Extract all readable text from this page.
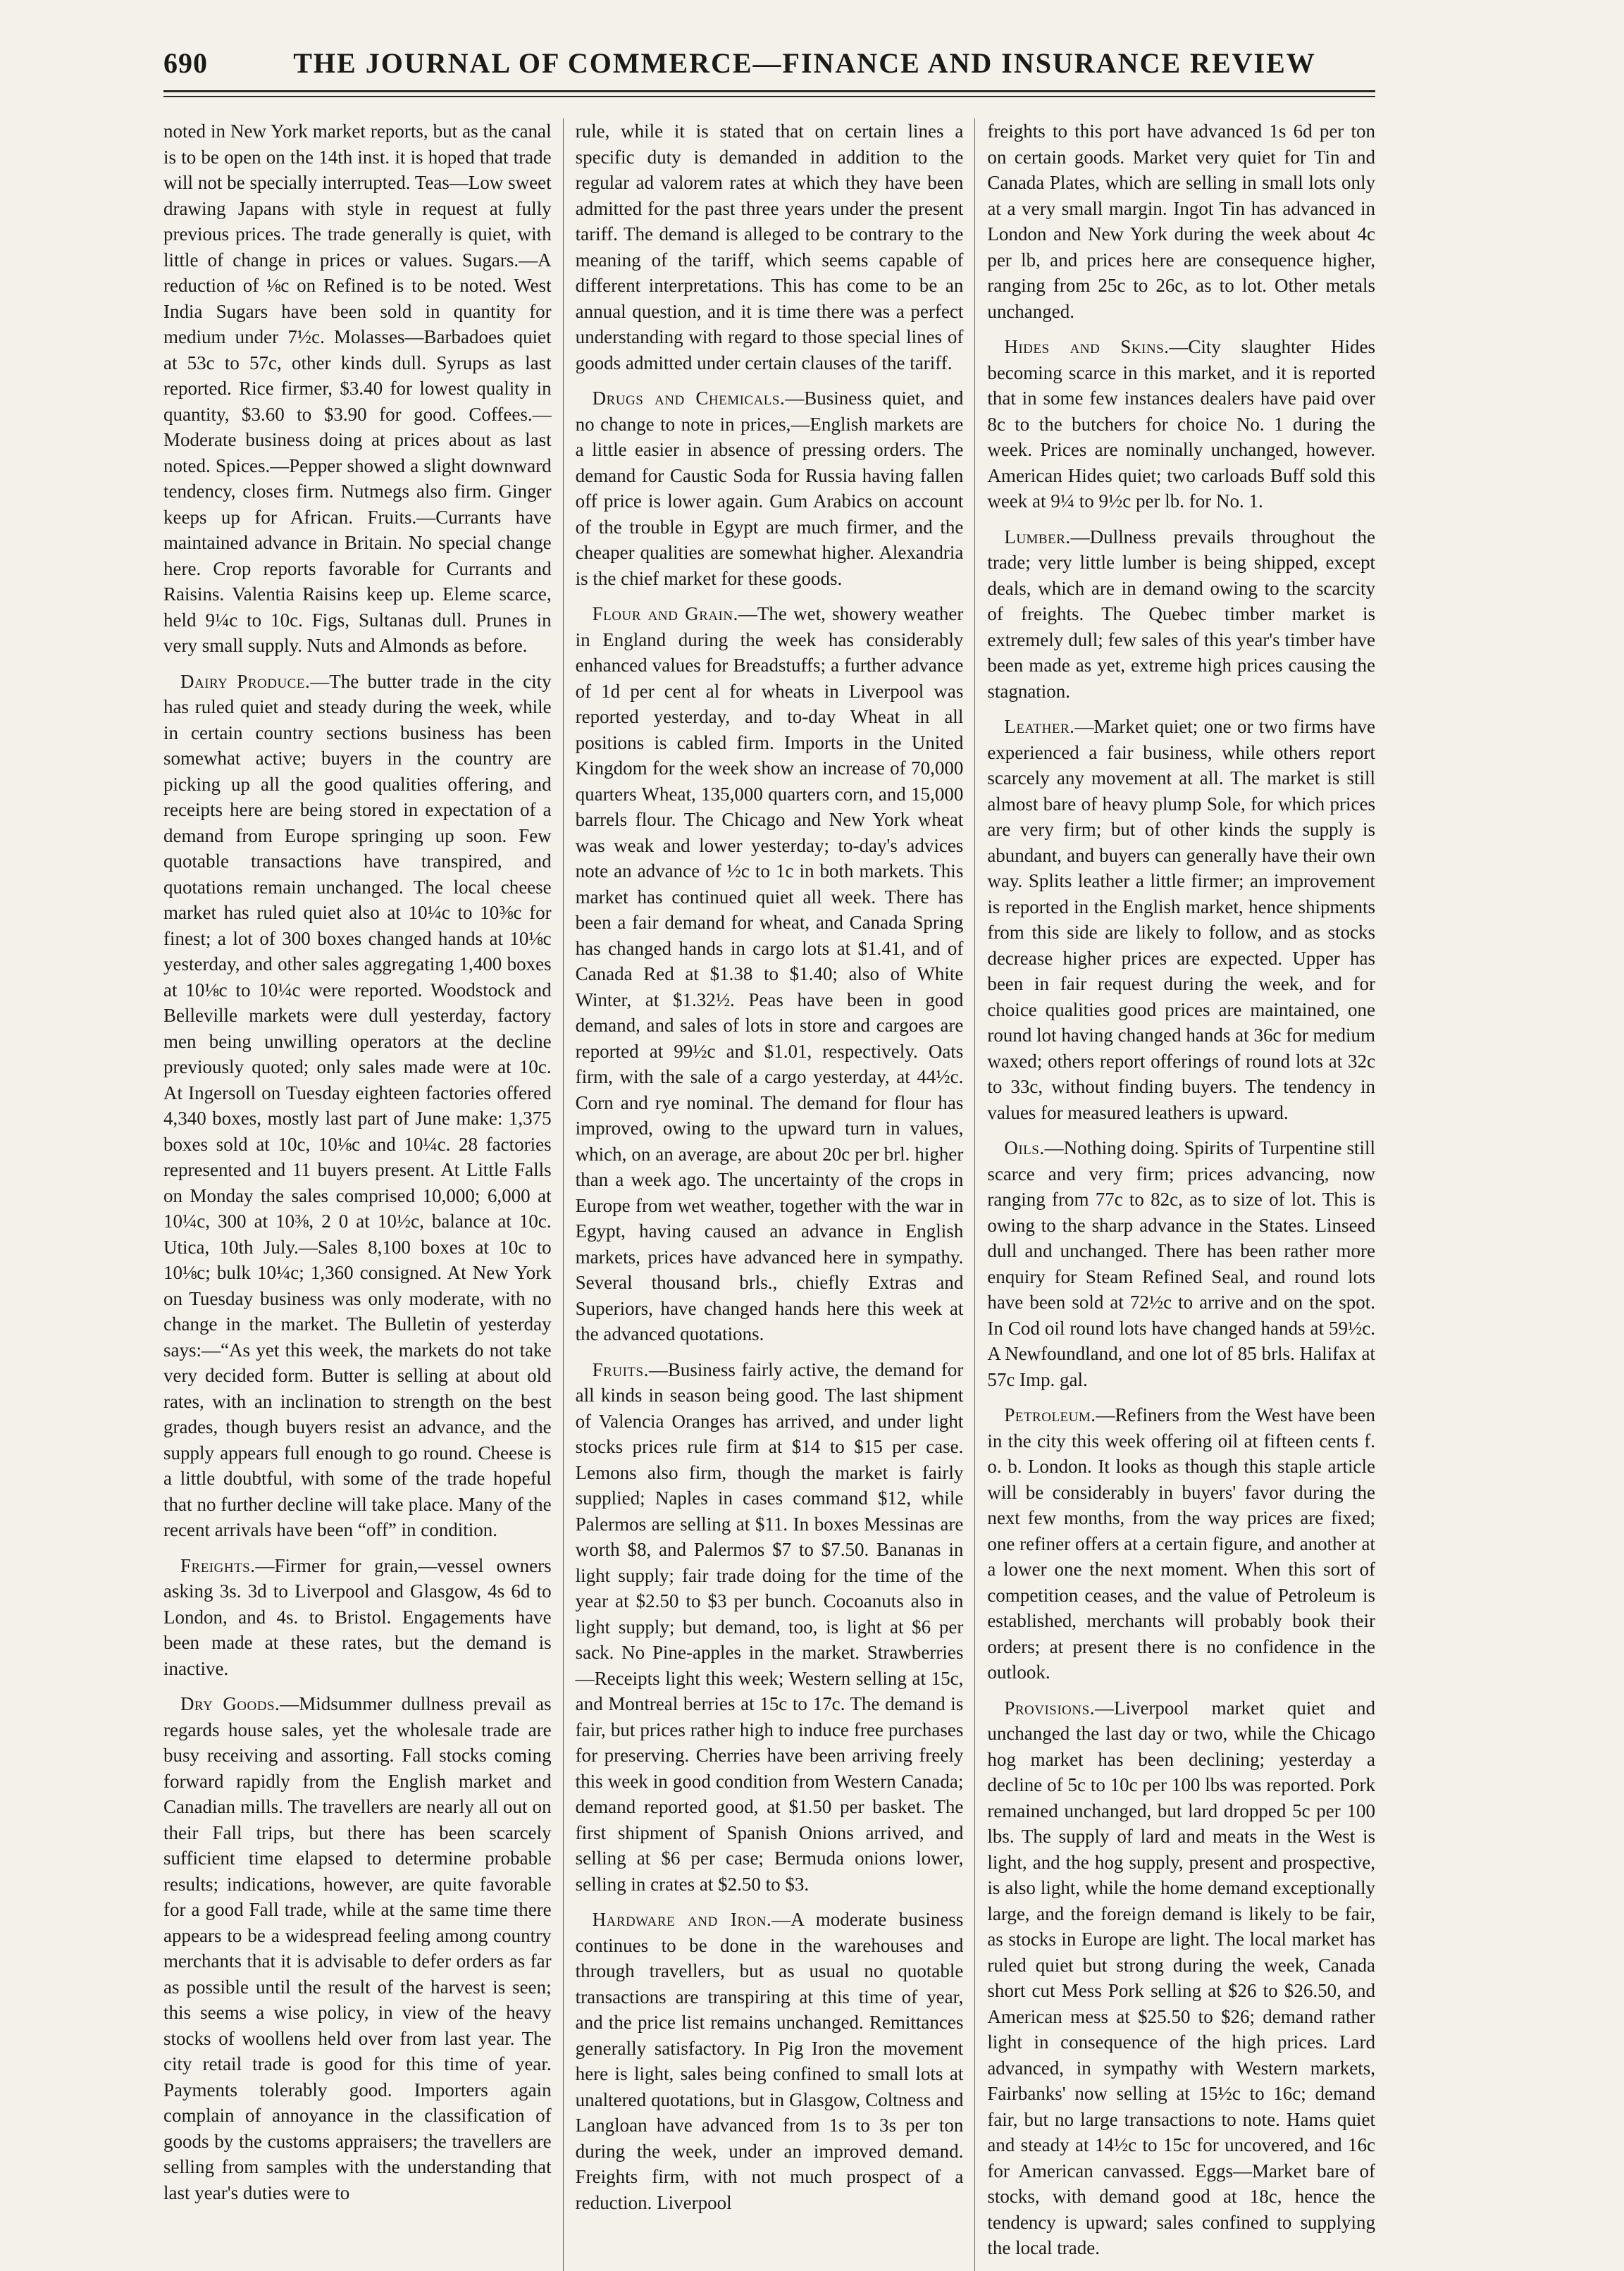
690	THE JOURNAL OF COMMERCE—FINANCE AND INSURANCE REVIEW

noted in New York market reports, but as the canal is to be open on the 14th inst. it is hoped that trade will not be specially interrupted. Teas—Low sweet drawing Japans with style in request at fully previous prices. The trade generally is quiet, with little of change in prices or values. Sugars.—A reduction of ⅛c on Refined is to be noted. West India Sugars have been sold in quantity for medium under 7½c. Molasses—Barbadoes quiet at 53c to 57c, other kinds dull. Syrups as last reported. Rice firmer, $3.40 for lowest quality in quantity, $3.60 to $3.90 for good. Coffees.—Moderate business doing at prices about as last noted. Spices.—Pepper showed a slight downward tendency, closes firm. Nutmegs also firm. Ginger keeps up for African. Fruits.—Currants have maintained advance in Britain. No special change here. Crop reports favorable for Currants and Raisins. Valentia Raisins keep up. Eleme scarce, held 9¼c to 10c. Figs, Sultanas dull. Prunes in very small supply. Nuts and Almonds as before.

Dairy Produce.—The butter trade in the city has ruled quiet and steady during the week, while in certain country sections business has been somewhat active; buyers in the country are picking up all the good qualities offering, and receipts here are being stored in expectation of a demand from Europe springing up soon. Few quotable transactions have transpired, and quotations remain unchanged. The local cheese market has ruled quiet also at 10¼c to 10⅜c for finest; a lot of 300 boxes changed hands at 10⅛c yesterday, and other sales aggregating 1,400 boxes at 10⅛c to 10¼c were reported. Woodstock and Belleville markets were dull yesterday, factory men being unwilling operators at the decline previously quoted; only sales made were at 10c. At Ingersoll on Tuesday eighteen factories offered 4,340 boxes, mostly last part of June make: 1,375 boxes sold at 10c, 10⅛c and 10¼c. 28 factories represented and 11 buyers present. At Little Falls on Monday the sales comprised 10,000; 6,000 at 10¼c, 300 at 10⅜, 2 0 at 10½c, balance at 10c. Utica, 10th July.—Sales 8,100 boxes at 10c to 10⅛c; bulk 10¼c; 1,360 consigned. At New York on Tuesday business was only moderate, with no change in the market. The Bulletin of yesterday says:—“As yet this week, the markets do not take very decided form. Butter is selling at about old rates, with an inclination to strength on the best grades, though buyers resist an advance, and the supply appears full enough to go round. Cheese is a little doubtful, with some of the trade hopeful that no further decline will take place. Many of the recent arrivals have been “off” in condition.

Freights.—Firmer for grain,—vessel owners asking 3s. 3d to Liverpool and Glasgow, 4s 6d to London, and 4s. to Bristol. Engagements have been made at these rates, but the demand is inactive.

Dry Goods.—Midsummer dullness prevail as regards house sales, yet the wholesale trade are busy receiving and assorting. Fall stocks coming forward rapidly from the English market and Canadian mills. The travellers are nearly all out on their Fall trips, but there has been scarcely sufficient time elapsed to determine probable results; indications, however, are quite favorable for a good Fall trade, while at the same time there appears to be a widespread feeling among country merchants that it is advisable to defer orders as far as possible until the result of the harvest is seen; this seems a wise policy, in view of the heavy stocks of woollens held over from last year. The city retail trade is good for this time of year. Payments tolerably good. Importers again complain of annoyance in the classification of goods by the customs appraisers; the travellers are selling from samples with the understanding that last year's duties were to

rule, while it is stated that on certain lines a specific duty is demanded in addition to the regular ad valorem rates at which they have been admitted for the past three years under the present tariff. The demand is alleged to be contrary to the meaning of the tariff, which seems capable of different interpretations. This has come to be an annual question, and it is time there was a perfect understanding with regard to those special lines of goods admitted under certain clauses of the tariff.

Drugs and Chemicals.—Business quiet, and no change to note in prices,—English markets are a little easier in absence of pressing orders. The demand for Caustic Soda for Russia having fallen off price is lower again. Gum Arabics on account of the trouble in Egypt are much firmer, and the cheaper qualities are somewhat higher. Alexandria is the chief market for these goods.

Flour and Grain.—The wet, showery weather in England during the week has considerably enhanced values for Breadstuffs; a further advance of 1d per cent al for wheats in Liverpool was reported yesterday, and to-day Wheat in all positions is cabled firm. Imports in the United Kingdom for the week show an increase of 70,000 quarters Wheat, 135,000 quarters corn, and 15,000 barrels flour. The Chicago and New York wheat was weak and lower yesterday; to-day's advices note an advance of ½c to 1c in both markets. This market has continued quiet all week. There has been a fair demand for wheat, and Canada Spring has changed hands in cargo lots at $1.41, and of Canada Red at $1.38 to $1.40; also of White Winter, at $1.32½. Peas have been in good demand, and sales of lots in store and cargoes are reported at 99½c and $1.01, respectively. Oats firm, with the sale of a cargo yesterday, at 44½c. Corn and rye nominal. The demand for flour has improved, owing to the upward turn in values, which, on an average, are about 20c per brl. higher than a week ago. The uncertainty of the crops in Europe from wet weather, together with the war in Egypt, having caused an advance in English markets, prices have advanced here in sympathy. Several thousand brls., chiefly Extras and Superiors, have changed hands here this week at the advanced quotations.

Fruits.—Business fairly active, the demand for all kinds in season being good. The last shipment of Valencia Oranges has arrived, and under light stocks prices rule firm at $14 to $15 per case. Lemons also firm, though the market is fairly supplied; Naples in cases command $12, while Palermos are selling at $11. In boxes Messinas are worth $8, and Palermos $7 to $7.50. Bananas in light supply; fair trade doing for the time of the year at $2.50 to $3 per bunch. Cocoanuts also in light supply; but demand, too, is light at $6 per sack. No Pine-apples in the market. Strawberries—Receipts light this week; Western selling at 15c, and Montreal berries at 15c to 17c. The demand is fair, but prices rather high to induce free purchases for preserving. Cherries have been arriving freely this week in good condition from Western Canada; demand reported good, at $1.50 per basket. The first shipment of Spanish Onions arrived, and selling at $6 per case; Bermuda onions lower, selling in crates at $2.50 to $3.

Hardware and Iron.—A moderate business continues to be done in the warehouses and through travellers, but as usual no quotable transactions are transpiring at this time of year, and the price list remains unchanged. Remittances generally satisfactory. In Pig Iron the movement here is light, sales being confined to small lots at unaltered quotations, but in Glasgow, Coltness and Langloan have advanced from 1s to 3s per ton during the week, under an improved demand. Freights firm, with not much prospect of a reduction. Liverpool

freights to this port have advanced 1s 6d per ton on certain goods. Market very quiet for Tin and Canada Plates, which are selling in small lots only at a very small margin. Ingot Tin has advanced in London and New York during the week about 4c per lb, and prices here are consequence higher, ranging from 25c to 26c, as to lot. Other metals unchanged.

Hides and Skins.—City slaughter Hides becoming scarce in this market, and it is reported that in some few instances dealers have paid over 8c to the butchers for choice No. 1 during the week. Prices are nominally unchanged, however. American Hides quiet; two carloads Buff sold this week at 9¼ to 9½c per lb. for No. 1.

Lumber.—Dullness prevails throughout the trade; very little lumber is being shipped, except deals, which are in demand owing to the scarcity of freights. The Quebec timber market is extremely dull; few sales of this year's timber have been made as yet, extreme high prices causing the stagnation.

Leather.—Market quiet; one or two firms have experienced a fair business, while others report scarcely any movement at all. The market is still almost bare of heavy plump Sole, for which prices are very firm; but of other kinds the supply is abundant, and buyers can generally have their own way. Splits leather a little firmer; an improvement is reported in the English market, hence shipments from this side are likely to follow, and as stocks decrease higher prices are expected. Upper has been in fair request during the week, and for choice qualities good prices are maintained, one round lot having changed hands at 36c for medium waxed; others report offerings of round lots at 32c to 33c, without finding buyers. The tendency in values for measured leathers is upward.

Oils.—Nothing doing. Spirits of Turpentine still scarce and very firm; prices advancing, now ranging from 77c to 82c, as to size of lot. This is owing to the sharp advance in the States. Linseed dull and unchanged. There has been rather more enquiry for Steam Refined Seal, and round lots have been sold at 72½c to arrive and on the spot. In Cod oil round lots have changed hands at 59½c. A Newfoundland, and one lot of 85 brls. Halifax at 57c Imp. gal.

Petroleum.—Refiners from the West have been in the city this week offering oil at fifteen cents f. o. b. London. It looks as though this staple article will be considerably in buyers' favor during the next few months, from the way prices are fixed; one refiner offers at a certain figure, and another at a lower one the next moment. When this sort of competition ceases, and the value of Petroleum is established, merchants will probably book their orders; at present there is no confidence in the outlook.

Provisions.—Liverpool market quiet and unchanged the last day or two, while the Chicago hog market has been declining; yesterday a decline of 5c to 10c per 100 lbs was reported. Pork remained unchanged, but lard dropped 5c per 100 lbs. The supply of lard and meats in the West is light, and the hog supply, present and prospective, is also light, while the home demand exceptionally large, and the foreign demand is likely to be fair, as stocks in Europe are light. The local market has ruled quiet but strong during the week, Canada short cut Mess Pork selling at $26 to $26.50, and American mess at $25.50 to $26; demand rather light in consequence of the high prices. Lard advanced, in sympathy with Western markets, Fairbanks' now selling at 15½c to 16c; demand fair, but no large transactions to note. Hams quiet and steady at 14½c to 15c for uncovered, and 16c for American canvassed. Eggs—Market bare of stocks, with demand good at 18c, hence the tendency is upward; sales confined to supplying the local trade.
